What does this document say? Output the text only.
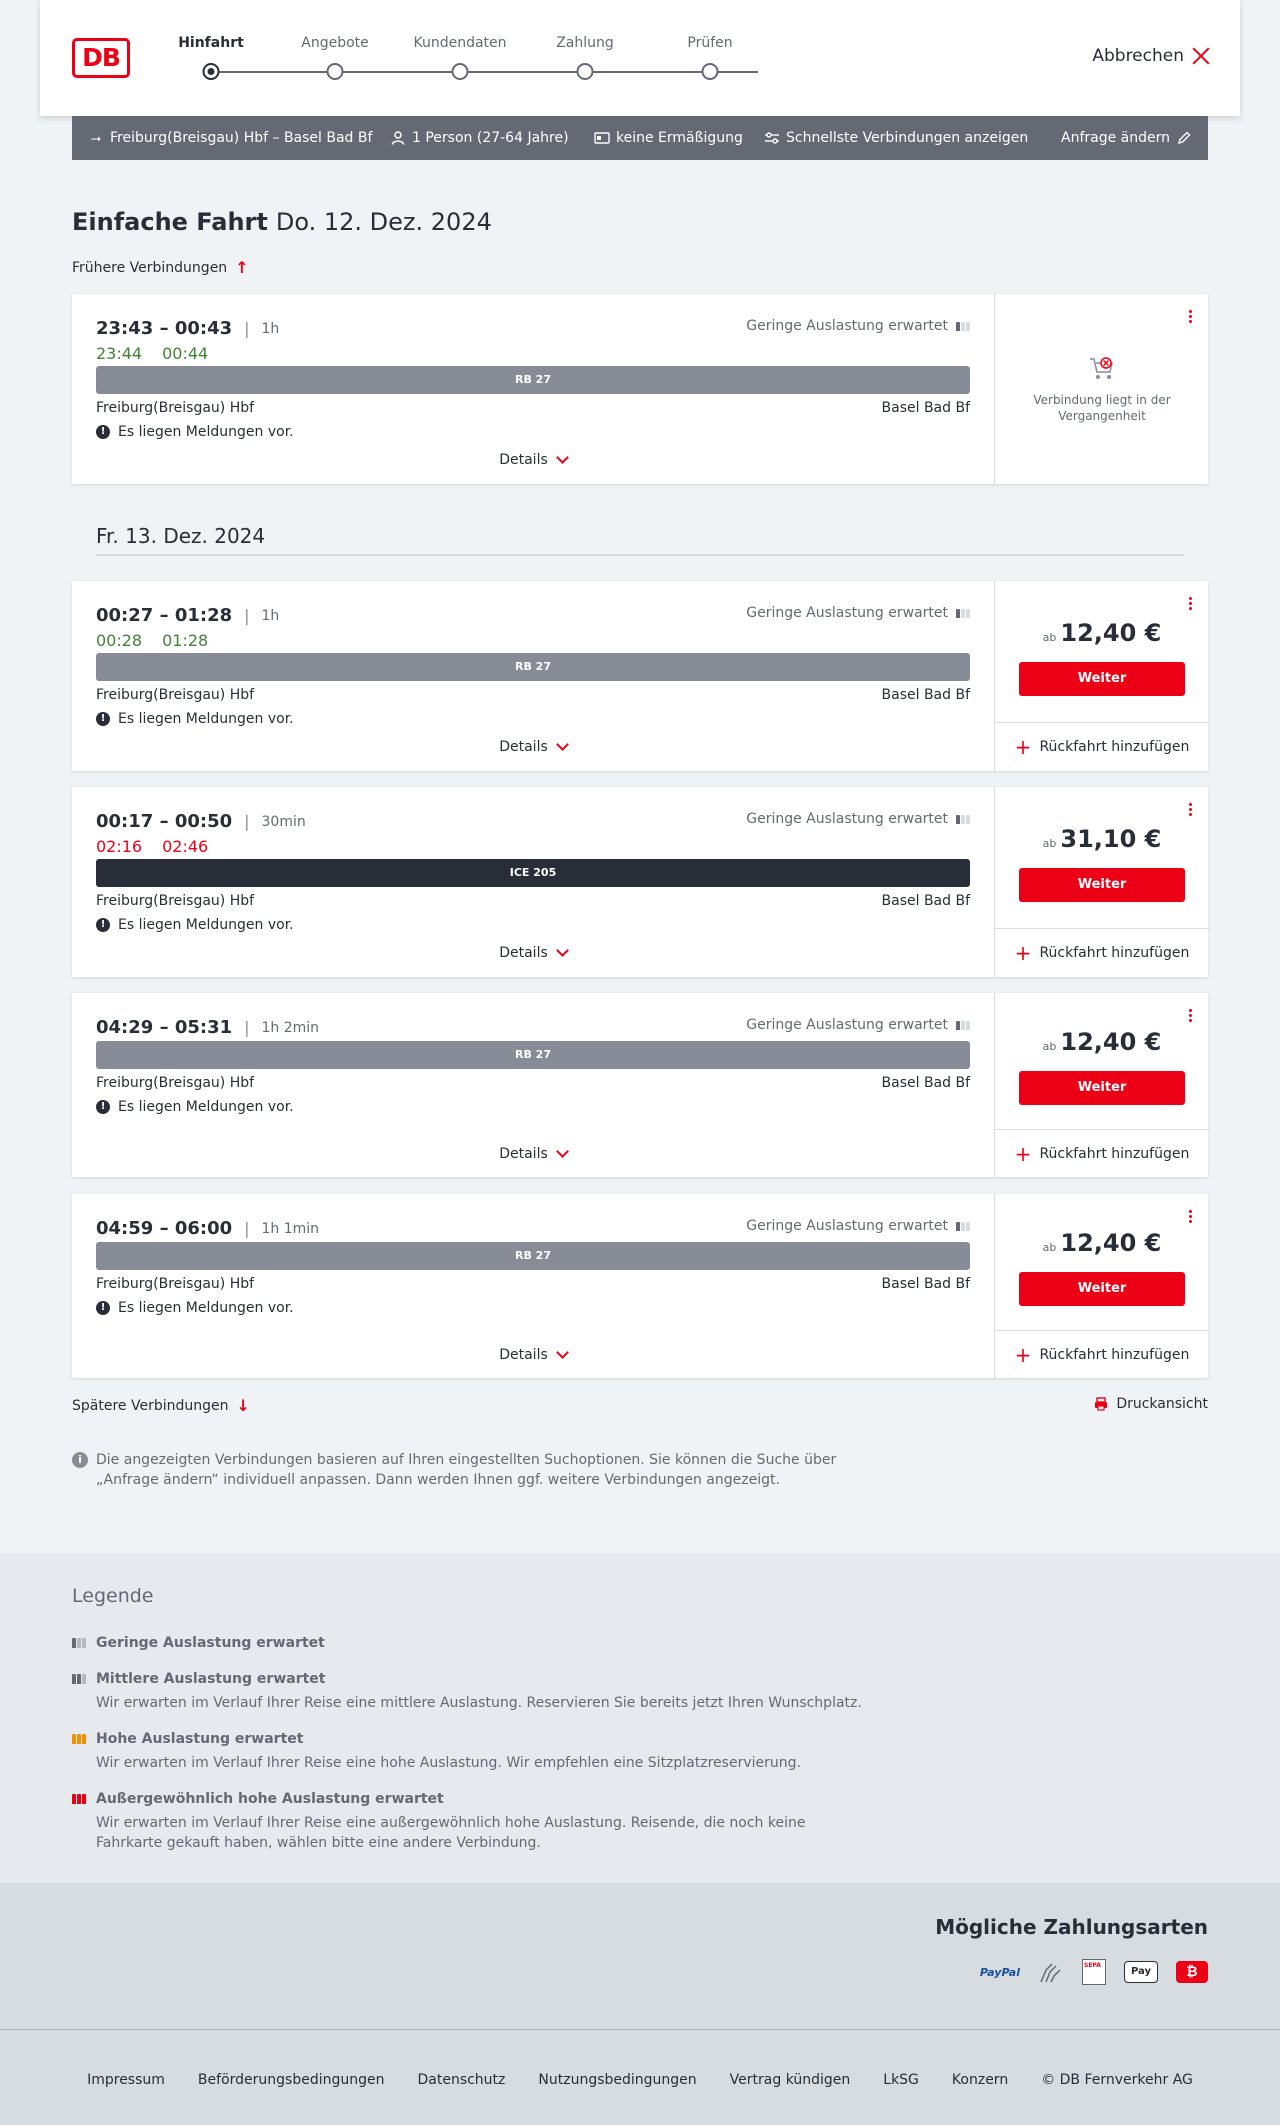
DB	Hinfahrt	Angebote	Kundendaten	Zahlung	Prüfen
Abbrechen
⭢ Freiburg(Breisgau) Hbf – Basel Bad Bf	1 Person (27-64 Jahre)	keine Ermäßigung	Schnellste Verbindungen anzeigen Anfrage ändern
Einfache Fahrt Do. 12. Dez. 2024
Frühere Verbindungen ↑
23:43 – 00:43 | 1h
23:44 00:44
Geringe Auslastung erwartet
RB 27
Freiburg(Breisgau) Hbf	Basel Bad Bf
! Es liegen Meldungen vor.
Details
Verbindung liegt in der Vergangenheit
Fr. 13. Dez. 2024
00:27 – 01:28 | 1h
00:28 01:28
Geringe Auslastung erwartet
RB 27
Freiburg(Breisgau) Hbf	Basel Bad Bf
! Es liegen Meldungen vor.
Details
ab 12,40 €
Weiter
+ Rückfahrt hinzufügen
00:17 – 00:50 | 30min
02:16 02:46
Geringe Auslastung erwartet
ICE 205
Freiburg(Breisgau) Hbf	Basel Bad Bf
! Es liegen Meldungen vor.
Details
ab 31,10 €
Weiter
+ Rückfahrt hinzufügen
04:29 – 05:31 | 1h 2min	Geringe Auslastung erwartet
RB 27
Freiburg(Breisgau) Hbf	Basel Bad Bf
! Es liegen Meldungen vor.
Details
ab 12,40 €
Weiter
+ Rückfahrt hinzufügen
04:59 – 06:00 | 1h 1min	Geringe Auslastung erwartet
RB 27
Freiburg(Breisgau) Hbf	Basel Bad Bf
! Es liegen Meldungen vor.
Details
ab 12,40 €
Weiter
+ Rückfahrt hinzufügen
Spätere Verbindungen ↓	Druckansicht
i	Die angezeigten Verbindungen basieren auf Ihren eingestellten Suchoptionen. Sie können die Suche über „Anfrage ändern“ individuell anpassen. Dann werden Ihnen ggf. weitere Verbindungen angezeigt.
Legende
Geringe Auslastung erwartet
Mittlere Auslastung erwartet
Wir erwarten im Verlauf Ihrer Reise eine mittlere Auslastung. Reservieren Sie bereits jetzt Ihren Wunschplatz.
Hohe Auslastung erwartet
Wir erwarten im Verlauf Ihrer Reise eine hohe Auslastung. Wir empfehlen eine Sitzplatzreservierung.
Außergewöhnlich hohe Auslastung erwartet
Wir erwarten im Verlauf Ihrer Reise eine außergewöhnlich hohe Auslastung. Reisende, die noch keine Fahrkarte gekauft haben, wählen bitte eine andere Verbindung.
Mögliche Zahlungsarten
PayPal	SEPA
Pay	₿
Impressum Beförderungsbedingungen Datenschutz Nutzungsbedingungen Vertrag kündigen LkSG Konzern © DB Fernverkehr AG
